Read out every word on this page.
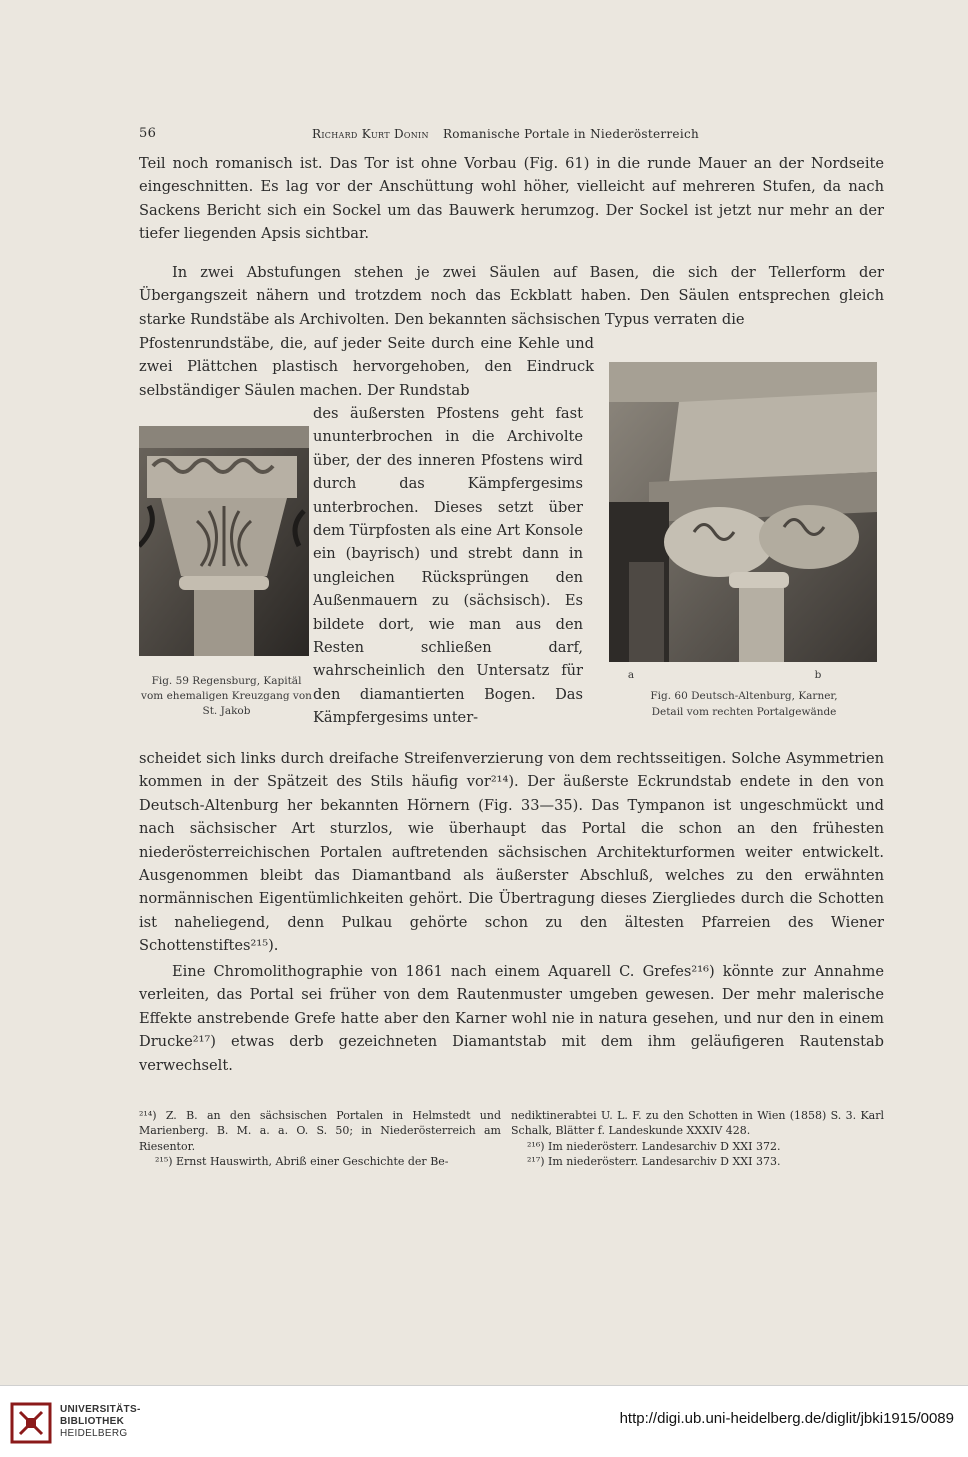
56	Richard Kurt Donin Romanische Portale in Niederösterreich

Teil noch romanisch ist. Das Tor ist ohne Vorbau (Fig. 61) in die runde Mauer an der Nordseite eingeschnitten. Es lag vor der Anschüttung wohl höher, vielleicht auf mehreren Stufen, da nach Sackens Bericht sich ein Sockel um das Bauwerk herumzog. Der Sockel ist jetzt nur mehr an der tiefer liegenden Apsis sichtbar.

In zwei Abstufungen stehen je zwei Säulen auf Basen, die sich der Tellerform der Übergangszeit nähern und trotzdem noch das Eckblatt haben. Den Säulen entsprechen gleich starke Rundstäbe als Archivolten. Den bekannten sächsischen Typus verraten die

Pfostenrundstäbe, die, auf jeder Seite durch eine Kehle und zwei Plättchen plastisch hervorgehoben, den Eindruck selbständiger Säulen machen. Der Rundstab

des äußersten Pfostens geht fast ununterbrochen in die Archivolte über, der des inneren Pfostens wird durch das Kämpfergesims unterbrochen. Dieses setzt über dem Türpfosten als eine Art Konsole ein (bayrisch) und strebt dann in ungleichen Rücksprüngen den Außenmauern zu (sächsisch). Es bildete dort, wie man aus den Resten schließen darf, wahrscheinlich den Untersatz für den diamantierten Bogen. Das Kämpfergesims unter-

scheidet sich links durch dreifache Streifenverzierung von dem rechtsseitigen. Solche Asymmetrien kommen in der Spätzeit des Stils häufig vor²¹⁴). Der äußerste Eckrundstab endete in den von Deutsch-Altenburg her bekannten Hörnern (Fig. 33—35). Das Tympanon ist ungeschmückt und nach sächsischer Art sturzlos, wie überhaupt das Portal die schon an den frühesten niederösterreichischen Portalen auftretenden sächsischen Architekturformen weiter entwickelt. Ausgenommen bleibt das Diamantband als äußerster Abschluß, welches zu den erwähnten normännischen Eigentümlichkeiten gehört. Die Übertragung dieses Ziergliedes durch die Schotten ist naheliegend, denn Pulkau gehörte schon zu den ältesten Pfarreien des Wiener Schottenstiftes²¹⁵).

Eine Chromolithographie von 1861 nach einem Aquarell C. Grefes²¹⁶) könnte zur Annahme verleiten, das Portal sei früher von dem Rautenmuster umgeben gewesen. Der mehr malerische Effekte anstrebende Grefe hatte aber den Karner wohl nie in natura gesehen, und nur den in einem Drucke²¹⁷) etwas derb gezeichneten Diamantstab mit dem ihm geläufigeren Rautenstab verwechselt.

Fig. 59 Regensburg, Kapitäl vom ehemaligen Kreuzgang von St. Jakob
a	b
Fig. 60 Deutsch-Altenburg, Karner,
Detail vom rechten Portalgewände

²¹⁴) Z. B. an den sächsischen Portalen in Helmstedt und Marienberg. B. M. a. a. O. S. 50; in Niederösterreich am Riesentor.

²¹⁵) Ernst Hauswirth, Abriß einer Geschichte der Be-

nediktinerabtei U. L. F. zu den Schotten in Wien (1858) S. 3. Karl Schalk, Blätter f. Landeskunde XXXIV 428.

²¹⁶) Im niederösterr. Landesarchiv D XXI 372.

²¹⁷) Im niederösterr. Landesarchiv D XXI 373.

UNIVERSITÄTS-
BIBLIOTHEK
HEIDELBERG
http://digi.ub.uni-heidelberg.de/diglit/jbki1915/0089
